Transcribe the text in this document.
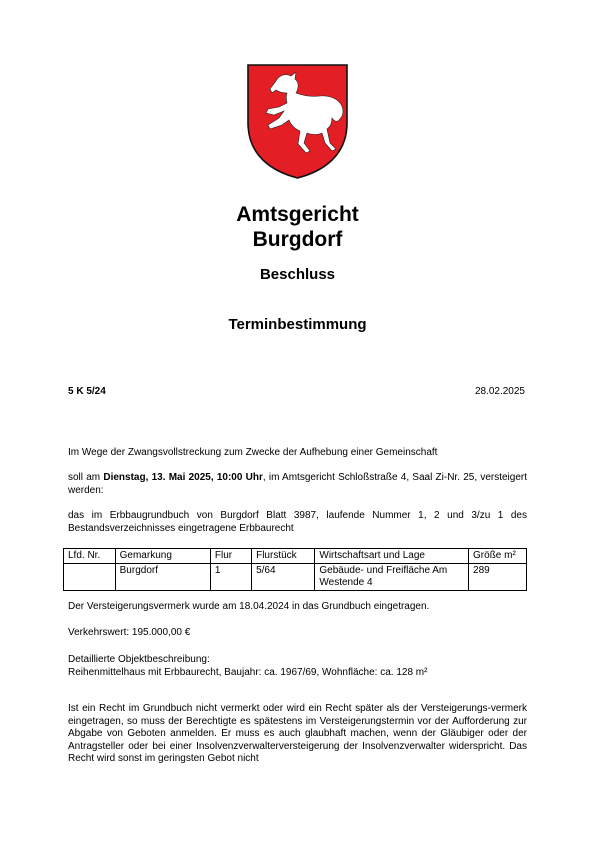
Amtsgericht
Burgdorf
Beschluss
Terminbestimmung
5 K 5/24	28.02.2025
Im Wege der Zwangsvollstreckung zum Zwecke der Aufhebung einer Gemeinschaft
soll am Dienstag, 13. Mai 2025, 10:00 Uhr, im Amtsgericht Schloßstraße 4, Saal Zi-Nr. 25, versteigert werden:
das im Erbbaugrundbuch von Burgdorf Blatt 3987, laufende Nummer 1, 2 und 3/zu 1 des Bestandsverzeichnisses eingetragene Erbbaurecht
Lfd. Nr.	Gemarkung	Flur	Flurstück	Wirtschaftsart und Lage	Größe m²
	Burgdorf	1	5/64	Gebäude- und Freifläche Am Westende 4	289
Der Versteigerungsvermerk wurde am 18.04.2024 in das Grundbuch eingetragen.
Verkehrswert: 195.000,00 €
Detaillierte Objektbeschreibung:
Reihenmittelhaus mit Erbbaurecht, Baujahr: ca. 1967/69, Wohnfläche: ca. 128 m²
Ist ein Recht im Grundbuch nicht vermerkt oder wird ein Recht später als der Versteigerungs-vermerk eingetragen, so muss der Berechtigte es spätestens im Versteigerungstermin vor der Aufforderung zur Abgabe von Geboten anmelden. Er muss es auch glaubhaft machen, wenn der Gläubiger oder der Antragsteller oder bei einer Insolvenzverwalterversteigerung der Insolvenzverwalter widerspricht. Das Recht wird sonst im geringsten Gebot nicht
